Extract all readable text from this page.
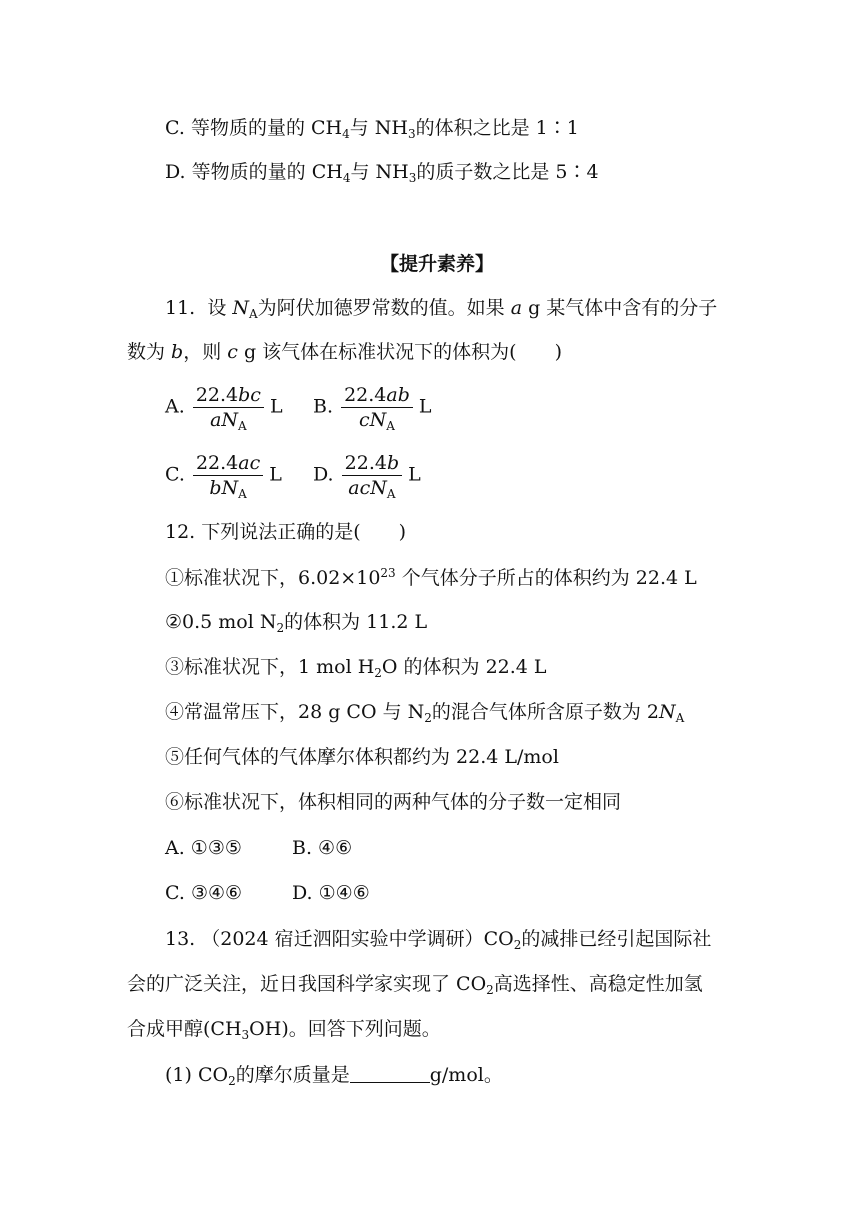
C. 等物质的量的 $CH_4$与 $NH_3$的体积之比是 1∶1
D. 等物质的量的 $CH_4$与 $NH_3$的质子数之比是 5∶4
【提升素养】
11. 设 $N_A$为阿伏加德罗常数的值。如果 a g 某气体中含有的分子
数为 b，则 c g 该气体在标准状况下的体积为(　　)
A. $\frac{22.4bc}{aN_A}$ L B. $\frac{22.4ab}{cN_A}$ L
C. $\frac{22.4ac}{bN_A}$ L D. $\frac{22.4b}{acN_A}$ L
12. 下列说法正确的是(　　)
①标准状况下，$6.02\times 10^{23}$ 个气体分子所占的体积约为 22.4 L
②0.5 mol $N_2$的体积为 11.2 L
③标准状况下，1 mol $H_2O$ 的体积为 22.4 L
④常温常压下，28 g CO 与 $N_2$的混合气体所含原子数为 $2N_A$
⑤任何气体的气体摩尔体积都约为 22.4 L/mol
⑥标准状况下，体积相同的两种气体的分子数一定相同
A. ①③⑤	B. ④⑥
C. ③④⑥	D. ①④⑥
13. （2024 宿迁泗阳实验中学调研）$CO_2$的减排已经引起国际社
会的广泛关注，近日我国科学家实现了 $CO_2$高选择性、高稳定性加氢
合成甲醇$(CH_3OH)$。回答下列问题。
(1) $CO_2$的摩尔质量是	g/mol。
